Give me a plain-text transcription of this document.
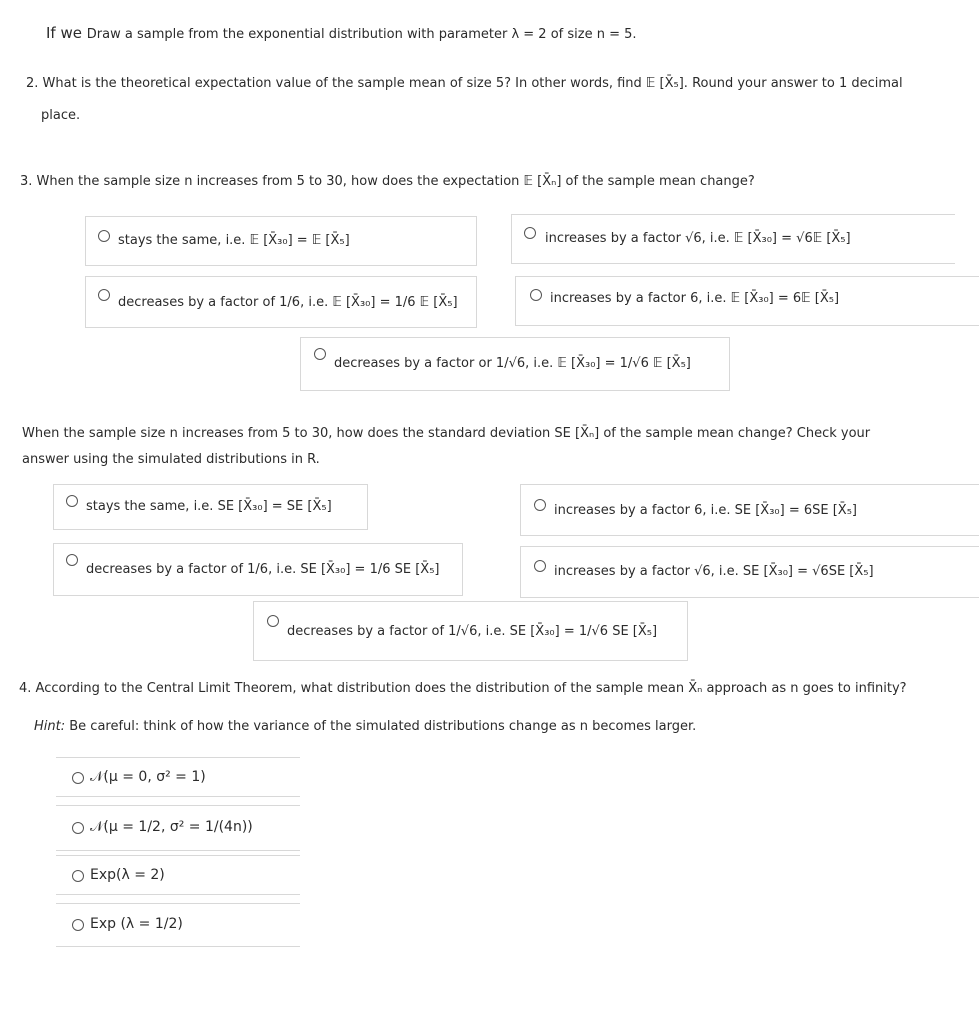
If we Draw a sample from the exponential distribution with parameter λ = 2 of size n = 5.
2. What is the theoretical expectation value of the sample mean of size 5? In other words, find 𝔼 [X̄₅]. Round your answer to 1 decimal
place.
3. When the sample size n increases from 5 to 30, how does the expectation 𝔼 [X̄ₙ] of the sample mean change?
stays the same, i.e. 𝔼 [X̄₃₀] = 𝔼 [X̄₅]	increases by a factor √6, i.e. 𝔼 [X̄₃₀] = √6𝔼 [X̄₅]
decreases by a factor of 1/6, i.e. 𝔼 [X̄₃₀] = 1/6 𝔼 [X̄₅]	increases by a factor 6, i.e. 𝔼 [X̄₃₀] = 6𝔼 [X̄₅]
decreases by a factor or 1/√6, i.e. 𝔼 [X̄₃₀] = 1/√6 𝔼 [X̄₅]
When the sample size n increases from 5 to 30, how does the standard deviation SE [X̄ₙ] of the sample mean change? Check your
answer using the simulated distributions in R.
stays the same, i.e. SE [X̄₃₀] = SE [X̄₅]	increases by a factor 6, i.e. SE [X̄₃₀] = 6SE [X̄₅]
decreases by a factor of 1/6, i.e. SE [X̄₃₀] = 1/6 SE [X̄₅]	increases by a factor √6, i.e. SE [X̄₃₀] = √6SE [X̄₅]
decreases by a factor of 1/√6, i.e. SE [X̄₃₀] = 1/√6 SE [X̄₅]
4. According to the Central Limit Theorem, what distribution does the distribution of the sample mean X̄ₙ approach as n goes to infinity?
Hint: Be careful: think of how the variance of the simulated distributions change as n becomes larger.
𝒩(μ = 0, σ² = 1)
𝒩(μ = 1/2, σ² = 1/(4n))
Exp(λ = 2)
Exp (λ = 1/2)
